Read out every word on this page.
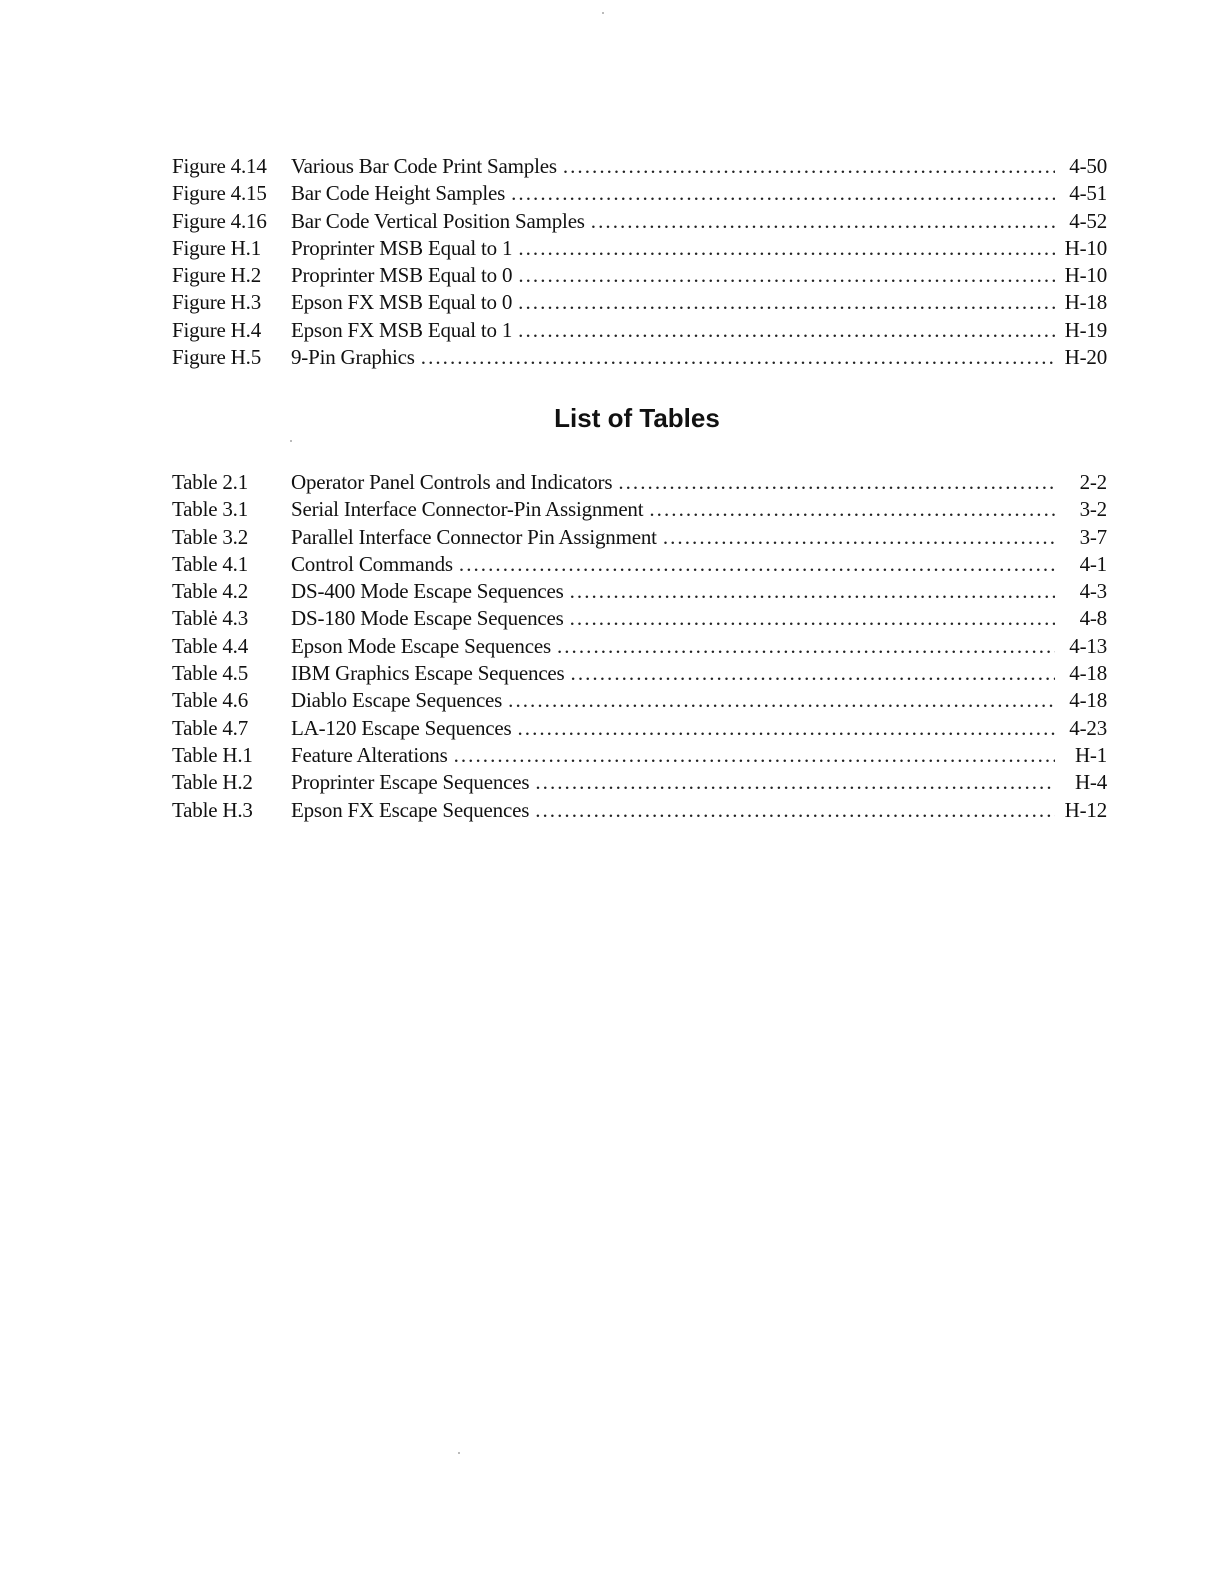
Figure 4.14	Various Bar Code Print Samples . . .	4-50
Figure 4.15	Bar Code Height Samples . . .	4-51
Figure 4.16	Bar Code Vertical Position Samples . . .	4-52
Figure H.1	Proprinter MSB Equal to 1 . . .	H-10
Figure H.2	Proprinter MSB Equal to 0 . . .	H-10
Figure H.3	Epson FX MSB Equal to 0 . . .	H-18
Figure H.4	Epson FX MSB Equal to 1 . . .	H-19
Figure H.5	9-Pin Graphics . . .	H-20
List of Tables
Table 2.1	Operator Panel Controls and Indicators . . .	2-2
Table 3.1	Serial Interface Connector-Pin Assignment . . .	3-2
Table 3.2	Parallel Interface Connector Pin Assignment . . .	3-7
Table 4.1	Control Commands . . .	4-1
Table 4.2	DS-400 Mode Escape Sequences . . .	4-3
Tablė 4.3	DS-180 Mode Escape Sequences . . .	4-8
Table 4.4	Epson Mode Escape Sequences . . .	4-13
Table 4.5	IBM Graphics Escape Sequences . . .	4-18
Table 4.6	Diablo Escape Sequences . . .	4-18
Table 4.7	LA-120 Escape Sequences . . .	4-23
Table H.1	Feature Alterations . . .	H-1
Table H.2	Proprinter Escape Sequences . . .	H-4
Table H.3	Epson FX Escape Sequences . . .	H-12
